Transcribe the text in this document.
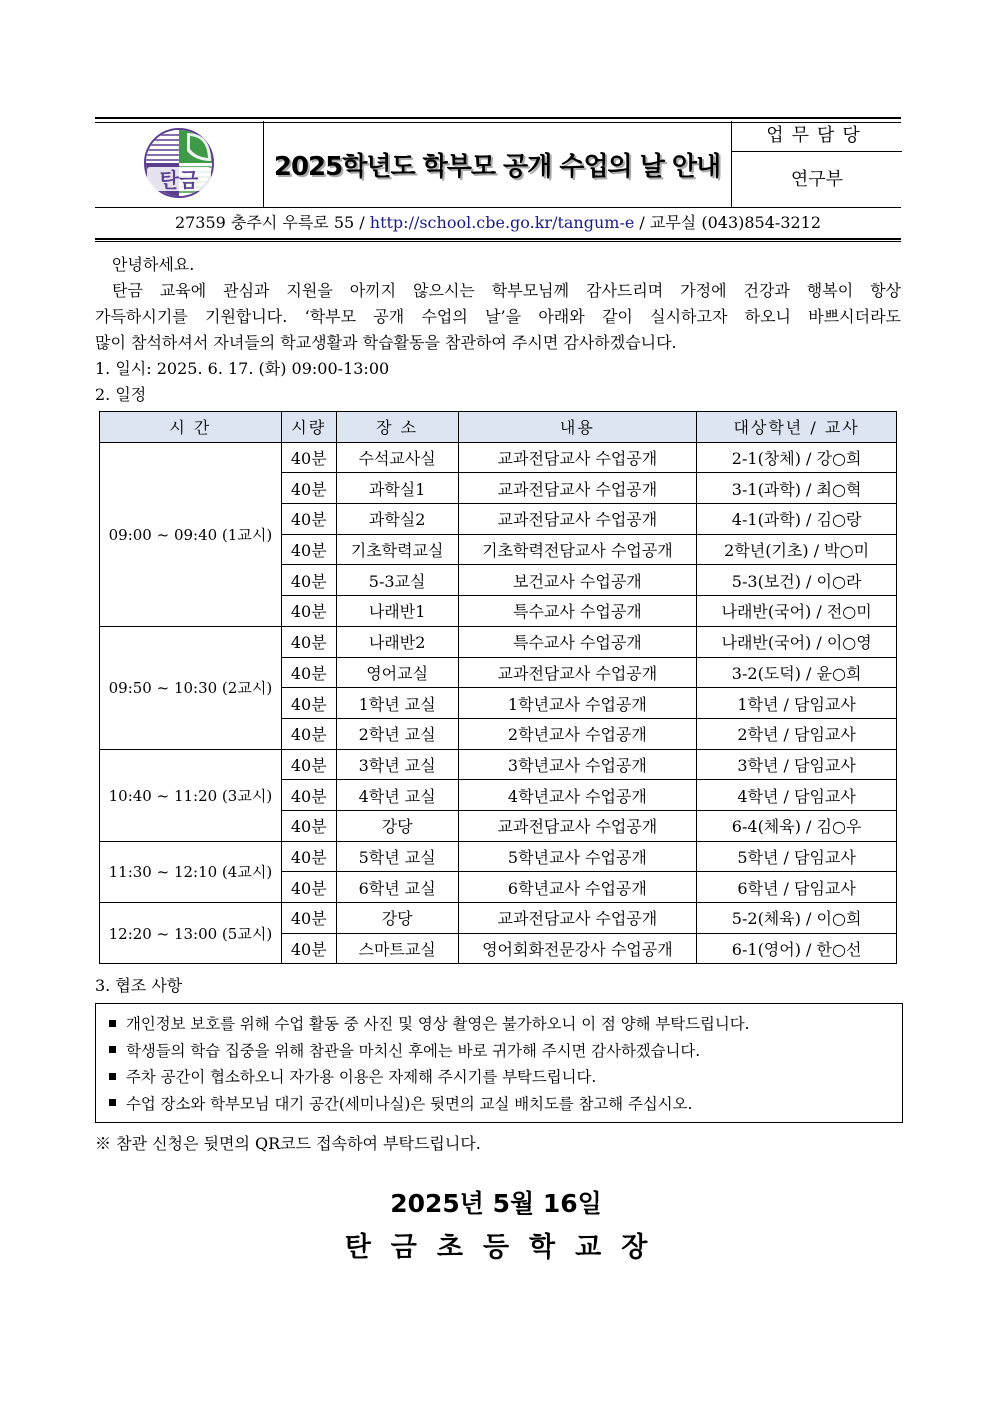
탄금	2025학년도 학부모 공개 수업의 날 안내
업무담당
연구부
27359 충주시 우륵로 55 / http://school.cbe.go.kr/tangum-e / 교무실 (043)854-3212

안녕하세요.

탄금 교육에 관심과 지원을 아끼지 않으시는 학부모님께 감사드리며 가정에 건강과 행복이 항상

가득하시기를 기원합니다. ‘학부모 공개 수업의 날’을 아래와 같이 실시하고자 하오니 바쁘시더라도

많이 참석하셔서 자녀들의 학교생활과 학습활동을 참관하여 주시면 감사하겠습니다.

1. 일시: 2025. 6. 17. (화) 09:00-13:00
2. 일정
시 간	시량	장 소	내용	대상학년 / 교사
09:00 ~ 09:40 (1교시)	40분	수석교사실	교과전담교사 수업공개	2-1(창체) / 강○희
	40분	과학실1	교과전담교사 수업공개	3-1(과학) / 최○혁
	40분	과학실2	교과전담교사 수업공개	4-1(과학) / 김○랑
	40분	기초학력교실	기초학력전담교사 수업공개	2학년(기초) / 박○미
	40분	5-3교실	보건교사 수업공개	5-3(보건) / 이○라
	40분	나래반1	특수교사 수업공개	나래반(국어) / 전○미
09:50 ~ 10:30 (2교시)	40분	나래반2	특수교사 수업공개	나래반(국어) / 이○영
	40분	영어교실	교과전담교사 수업공개	3-2(도덕) / 윤○희
	40분	1학년 교실	1학년교사 수업공개	1학년 / 담임교사
	40분	2학년 교실	2학년교사 수업공개	2학년 / 담임교사
10:40 ~ 11:20 (3교시)	40분	3학년 교실	3학년교사 수업공개	3학년 / 담임교사
	40분	4학년 교실	4학년교사 수업공개	4학년 / 담임교사
	40분	강당	교과전담교사 수업공개	6-4(체육) / 김○우
11:30 ~ 12:10 (4교시)	40분	5학년 교실	5학년교사 수업공개	5학년 / 담임교사
	40분	6학년 교실	6학년교사 수업공개	6학년 / 담임교사
12:20 ~ 13:00 (5교시)	40분	강당	교과전담교사 수업공개	5-2(체육) / 이○희
	40분	스마트교실	영어회화전문강사 수업공개	6-1(영어) / 한○선
3. 협조 사항
개인정보 보호를 위해 수업 활동 중 사진 및 영상 촬영은 불가하오니 이 점 양해 부탁드립니다.
학생들의 학습 집중을 위해 참관을 마치신 후에는 바로 귀가해 주시면 감사하겠습니다.
주차 공간이 협소하오니 자가용 이용은 자제해 주시기를 부탁드립니다.
수업 장소와 학부모님 대기 공간(세미나실)은 뒷면의 교실 배치도를 참고해 주십시오.
※ 참관 신청은 뒷면의 QR코드 접속하여 부탁드립니다.
2025년 5월 16일
탄금초등학교장
